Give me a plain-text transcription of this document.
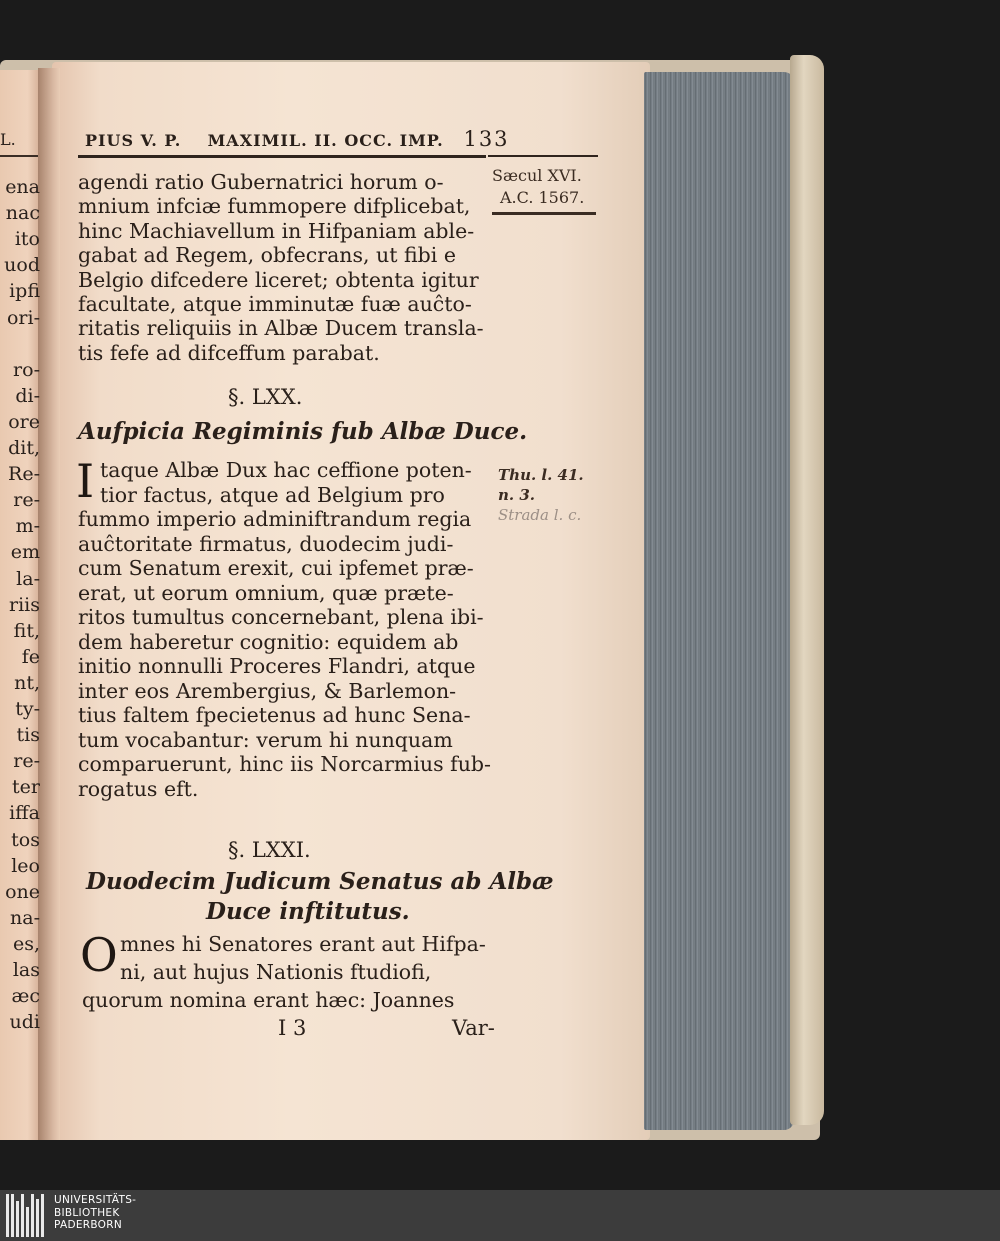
L.
ena
nac
ito
uod
ipfi
ori-
ro-
di-
ore
dit,
Re-
re-
m-
em
la-
riis
fit,
fe
nt,
ty-
tis
re-
ter
iffa
tos
leo
one
na-
es,
las
æc
udi
PIUS V. P. MAXIMIL. II. OCC. IMP. 133
Sæcul XVI.
A.C. 1567.
agendi ratio Gubernatrici horum o-
mnium infciæ fummopere difplicebat,
hinc Machiavellum in Hifpaniam able-
gabat ad Regem, obfecrans, ut fibi e
Belgio difcedere liceret; obtenta igitur
facultate, atque imminutæ fuæ auĉto-
ritatis reliquiis in Albæ Ducem transla-
tis fefe ad difceffum parabat.
§. LXX.
Aufpicia Regiminis fub Albæ Duce.
I taque Albæ Dux hac ceffione poten-
tior factus, atque ad Belgium pro
fummo imperio adminiftrandum regia
auĉtoritate firmatus, duodecim judi-
cum Senatum erexit, cui ipfemet præ-
erat, ut eorum omnium, quæ præte-
ritos tumultus concernebant, plena ibi-
dem haberetur cognitio: equidem ab
initio nonnulli Proceres Flandri, atque
inter eos Arembergius, & Barlemon-
tius faltem fpecietenus ad hunc Sena-
tum vocabantur: verum hi nunquam
comparuerunt, hinc iis Norcarmius fub-
rogatus eft.
Thu. l. 41.
n. 3.
Strada l. c.
§. LXXI.
Duodecim Judicum Senatus ab Albæ
Duce inftitutus.
O mnes hi Senatores erant aut Hifpa-
ni, aut hujus Nationis ftudiofi,
quorum nomina erant hæc: Joannes
I 3	Var-
UNIVERSITÄTS-
BIBLIOTHEK
PADERBORN
